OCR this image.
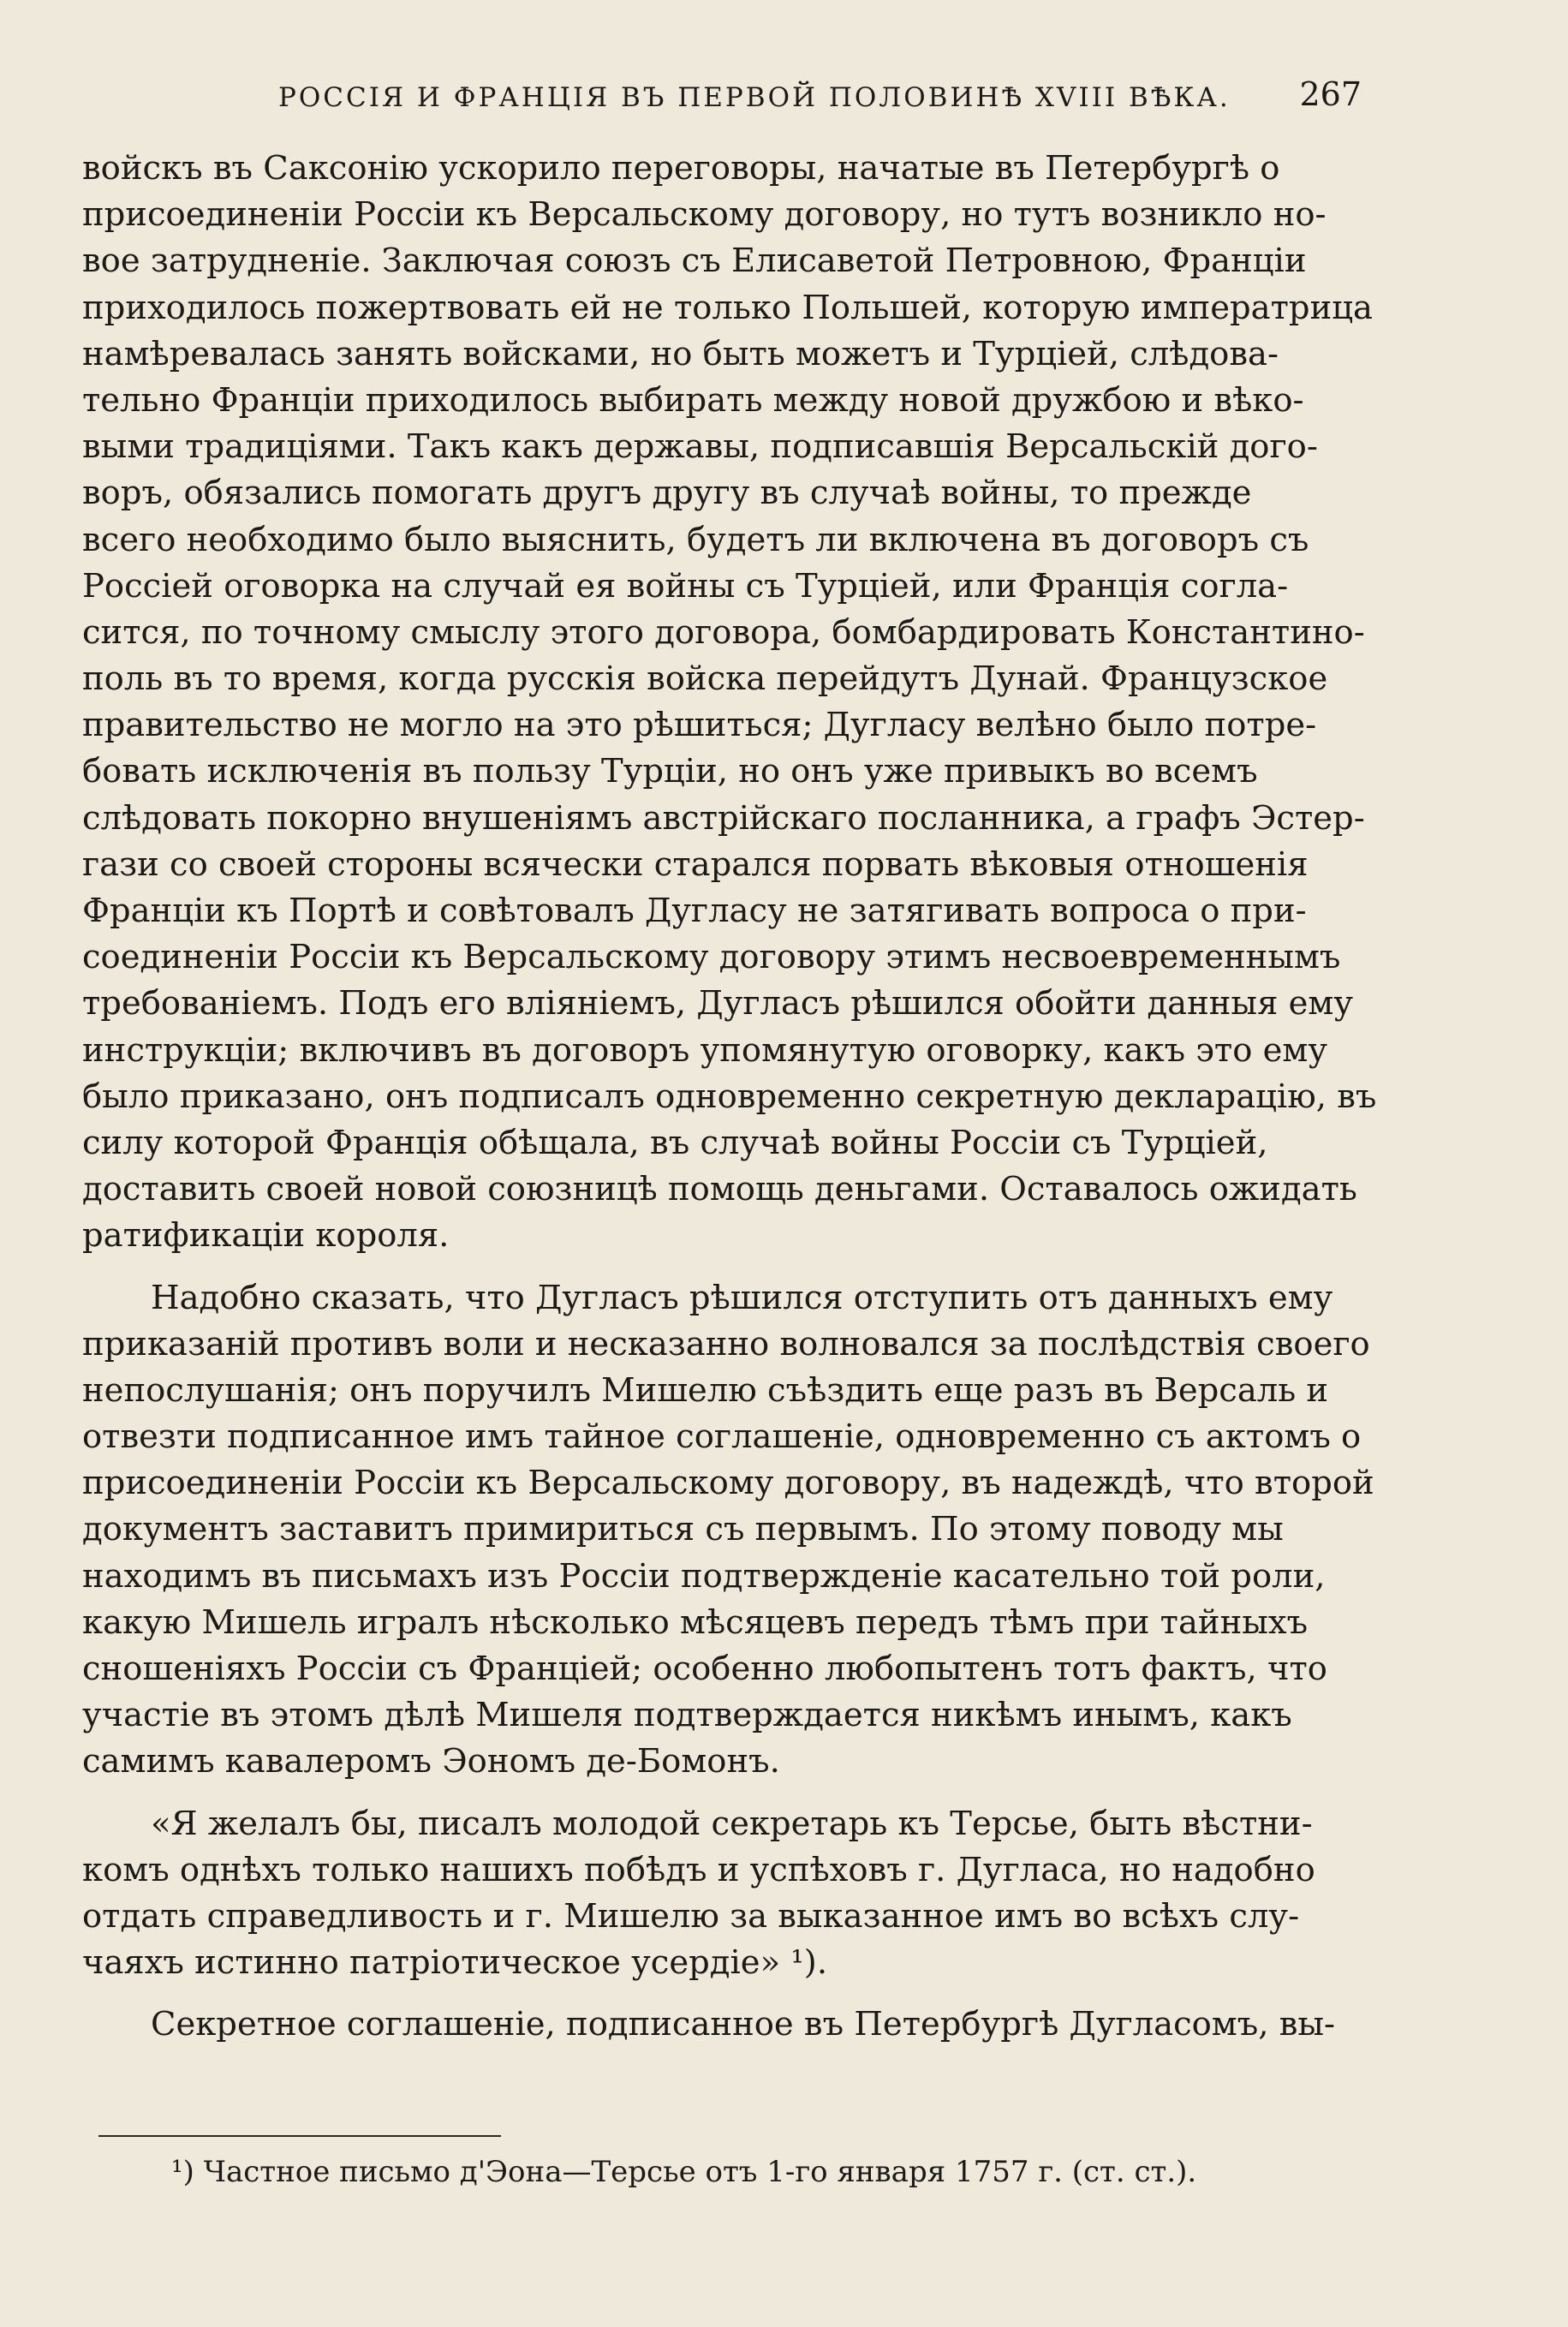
РОССІЯ И ФРАНЦІЯ ВЪ ПЕРВОЙ ПОЛОВИНѢ XVIII ВѢКА. 267
войскъ въ Саксонію ускорило переговоры, начатые въ Петербургѣ о
присоединеніи Россіи къ Версальскому договору, но тутъ возникло но-
вое затрудненіе. Заключая союзъ съ Елисаветой Петровною, Франціи
приходилось пожертвовать ей не только Польшей, которую императрица
намѣревалась занять войсками, но быть можетъ и Турціей, слѣдова-
тельно Франціи приходилось выбирать между новой дружбою и вѣко-
выми традиціями. Такъ какъ державы, подписавшія Версальскій дого-
воръ, обязались помогать другъ другу въ случаѣ войны, то прежде
всего необходимо было выяснить, будетъ ли включена въ договоръ съ
Россіей оговорка на случай ея войны съ Турціей, или Франція согла-
сится, по точному смыслу этого договора, бомбардировать Константино-
поль въ то время, когда русскія войска перейдутъ Дунай. Французское
правительство не могло на это рѣшиться; Дугласу велѣно было потре-
бовать исключенія въ пользу Турціи, но онъ уже привыкъ во всемъ
слѣдовать покорно внушеніямъ австрійскаго посланника, а графъ Эстер-
гази со своей стороны всячески старался порвать вѣковыя отношенія
Франціи къ Портѣ и совѣтовалъ Дугласу не затягивать вопроса о при-
соединеніи Россіи къ Версальскому договору этимъ несвоевременнымъ
требованіемъ. Подъ его вліяніемъ, Дугласъ рѣшился обойти данныя ему
инструкціи; включивъ въ договоръ упомянутую оговорку, какъ это ему
было приказано, онъ подписалъ одновременно секретную декларацію, въ
силу которой Франція обѣщала, въ случаѣ войны Россіи съ Турціей,
доставить своей новой союзницѣ помощь деньгами. Оставалось ожидать
ратификаціи короля.
Надобно сказать, что Дугласъ рѣшился отступить отъ данныхъ ему
приказаній противъ воли и несказанно волновался за послѣдствія своего
непослушанія; онъ поручилъ Мишелю съѣздить еще разъ въ Версаль и
отвезти подписанное имъ тайное соглашеніе, одновременно съ актомъ о
присоединеніи Россіи къ Версальскому договору, въ надеждѣ, что второй
документъ заставитъ примириться съ первымъ. По этому поводу мы
находимъ въ письмахъ изъ Россіи подтвержденіе касательно той роли,
какую Мишель игралъ нѣсколько мѣсяцевъ передъ тѣмъ при тайныхъ
сношеніяхъ Россіи съ Франціей; особенно любопытенъ тотъ фактъ, что
участіе въ этомъ дѣлѣ Мишеля подтверждается никѣмъ инымъ, какъ
самимъ кавалеромъ Эономъ де-Бомонъ.
«Я желалъ бы, писалъ молодой секретарь къ Терсье, быть вѣстни-
комъ однѣхъ только нашихъ побѣдъ и успѣховъ г. Дугласа, но надобно
отдать справедливость и г. Мишелю за выказанное имъ во всѣхъ слу-
чаяхъ истинно патріотическое усердіе» ¹).
Секретное соглашеніе, подписанное въ Петербургѣ Дугласомъ, вы-
¹) Частное письмо д'Эона—Терсье отъ 1-го января 1757 г. (ст. ст.).
